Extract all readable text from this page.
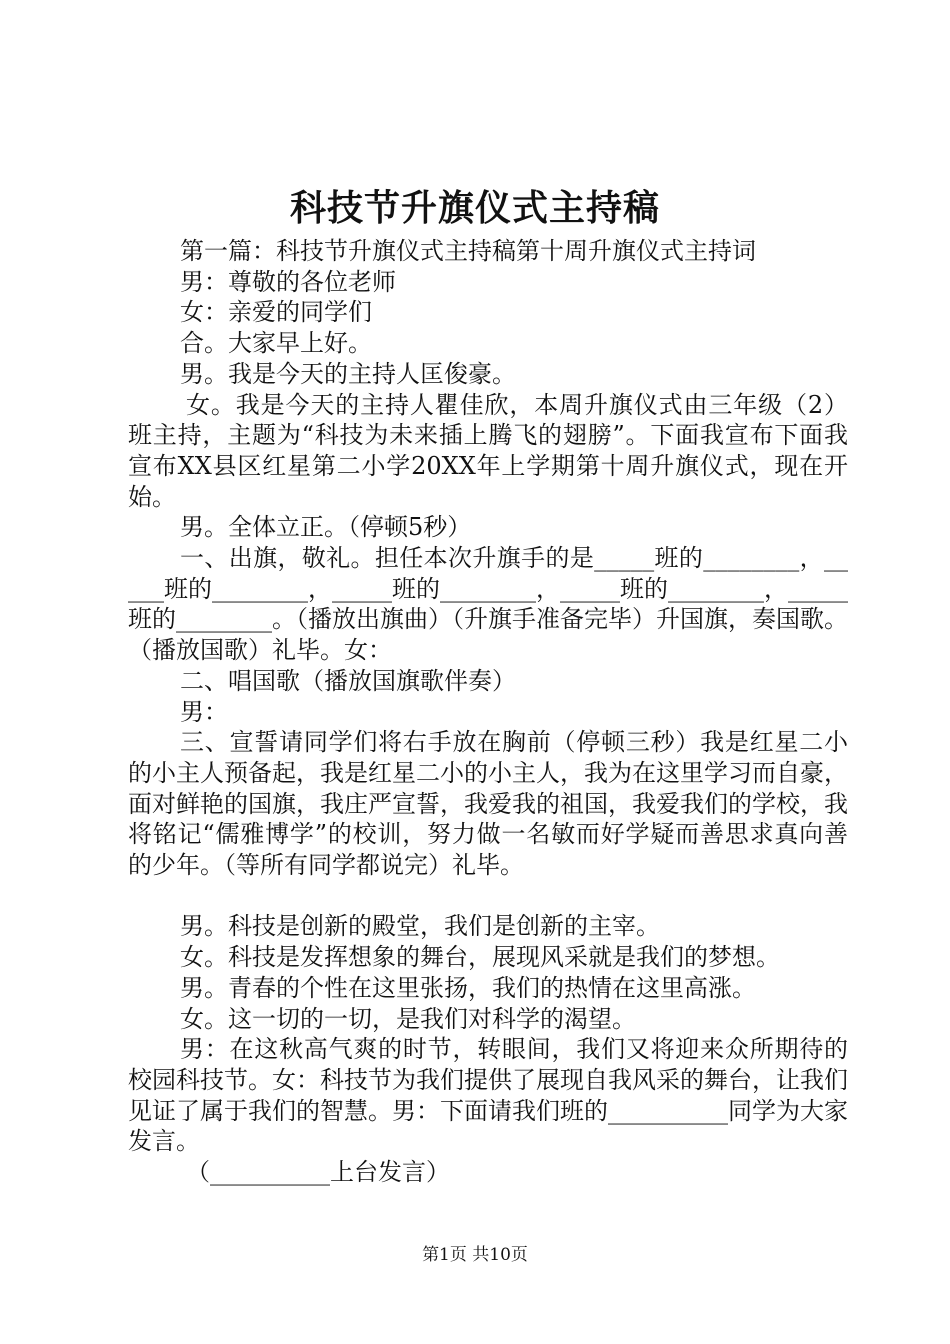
科技节升旗仪式主持稿

第一篇：科技节升旗仪式主持稿第十周升旗仪式主持词

男：尊敬的各位老师

女：亲爱的同学们

合。大家早上好。

男。我是今天的主持人匡俊豪。

女。我是今天的主持人瞿佳欣，本周升旗仪式由三年级（2）班主持，主题为“科技为未来插上腾飞的翅膀”。下面我宣布下面我宣布XX县区红星第二小学20XX年上学期第十周升旗仪式，现在开始。

男。全体立正。（停顿5秒）

一、出旗，敬礼。担任本次升旗手的是_____班的________，_____班的________，_____班的________，_____班的________，_____班的________。（播放出旗曲）（升旗手准备完毕）升国旗，奏国歌。（播放国歌）礼毕。女：

二、唱国歌（播放国旗歌伴奏）

男：

三、宣誓请同学们将右手放在胸前（停顿三秒）我是红星二小的小主人预备起，我是红星二小的小主人，我为在这里学习而自豪，面对鲜艳的国旗，我庄严宣誓，我爱我的祖国，我爱我们的学校，我将铭记“儒雅博学”的校训，努力做一名敏而好学疑而善思求真向善的少年。（等所有同学都说完）礼毕。

男。科技是创新的殿堂，我们是创新的主宰。

女。科技是发挥想象的舞台，展现风采就是我们的梦想。

男。青春的个性在这里张扬，我们的热情在这里高涨。

女。这一切的一切，是我们对科学的渴望。

男：在这秋高气爽的时节，转眼间，我们又将迎来众所期待的校园科技节。女：科技节为我们提供了展现自我风采的舞台，让我们见证了属于我们的智慧。男：下面请我们班的__________同学为大家发言。

（__________上台发言）

第1页 共10页
